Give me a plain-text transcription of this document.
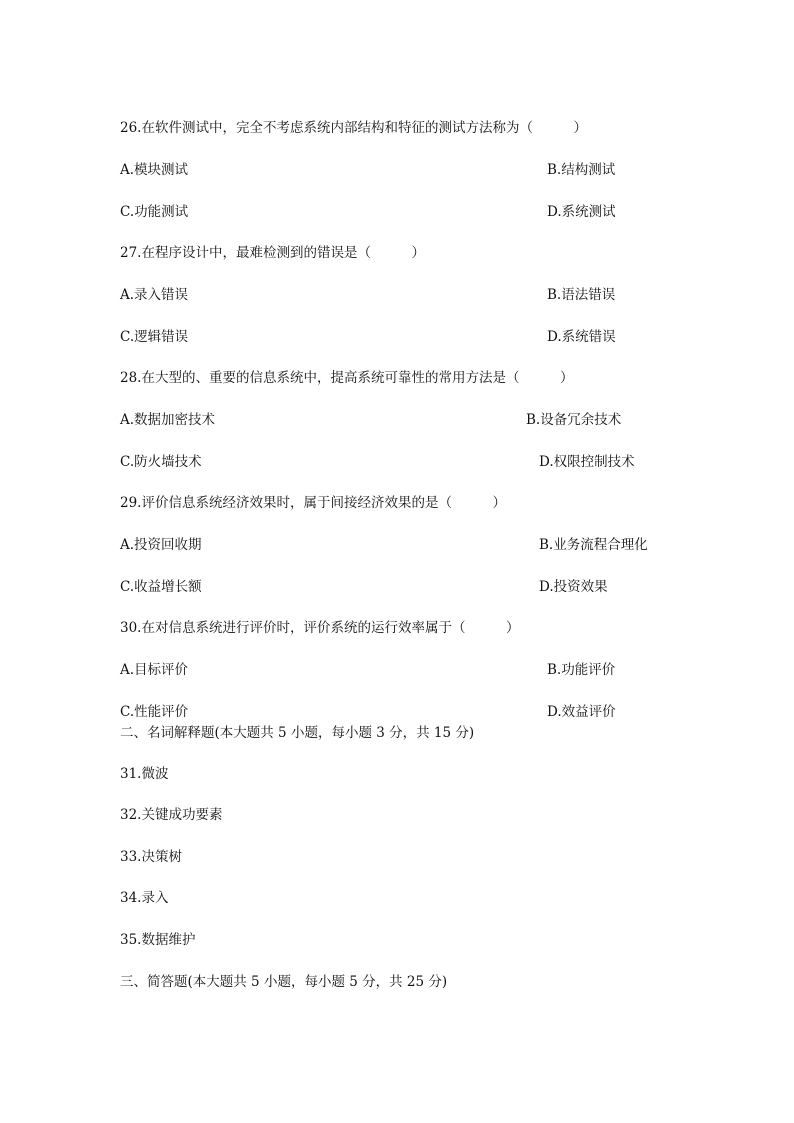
26.在软件测试中，完全不考虑系统内部结构和特征的测试方法称为（　　　）
A.模块测试	B.结构测试
C.功能测试	D.系统测试
27.在程序设计中，最难检测到的错误是（　　　）
A.录入错误	B.语法错误
C.逻辑错误	D.系统错误
28.在大型的、重要的信息系统中，提高系统可靠性的常用方法是（　　　）
A.数据加密技术	B.设备冗余技术
C.防火墙技术	D.权限控制技术
29.评价信息系统经济效果时，属于间接经济效果的是（　　　）
A.投资回收期	B.业务流程合理化
C.收益增长额	D.投资效果
30.在对信息系统进行评价时，评价系统的运行效率属于（　　　）
A.目标评价	B.功能评价
C.性能评价	D.效益评价
二、名词解释题(本大题共 5 小题，每小题 3 分，共 15 分)
31.微波
32.关键成功要素
33.决策树
34.录入
35.数据维护
三、简答题(本大题共 5 小题，每小题 5 分，共 25 分)
